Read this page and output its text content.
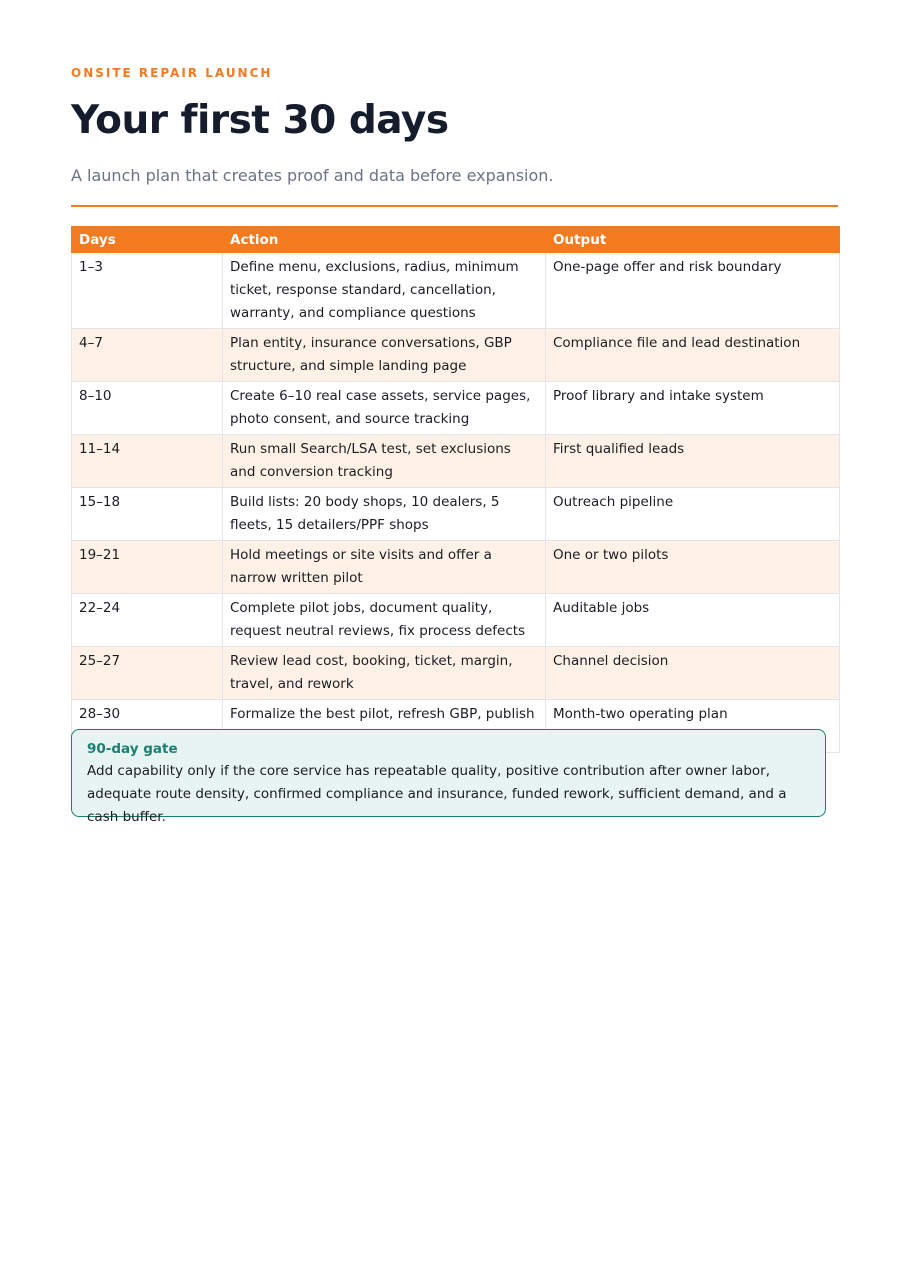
ONSITE REPAIR LAUNCH
Your first 30 days
A launch plan that creates proof and data before expansion.
Days	Action	Output
1–3	Define menu, exclusions, radius, minimum ticket, response standard, cancellation, warranty, and compliance questions	One-page offer and risk boundary
4–7	Plan entity, insurance conversations, GBP structure, and simple landing page	Compliance file and lead destination
8–10	Create 6–10 real case assets, service pages, photo consent, and source tracking	Proof library and intake system
11–14	Run small Search/LSA test, set exclusions and conversion tracking	First qualified leads
15–18	Build lists: 20 body shops, 10 dealers, 5 fleets, 15 detailers/PPF shops	Outreach pipeline
19–21	Hold meetings or site visits and offer a narrow written pilot	One or two pilots
22–24	Complete pilot jobs, document quality, request neutral reviews, fix process defects	Auditable jobs
25–27	Review lead cost, booking, ticket, margin, travel, and rework	Channel decision
28–30	Formalize the best pilot, refresh GBP, publish	Month-two operating plan
90-day gate
Add capability only if the core service has repeatable quality, positive contribution after owner labor, adequate route density, confirmed compliance and insurance, funded rework, sufficient demand, and a cash buffer.
